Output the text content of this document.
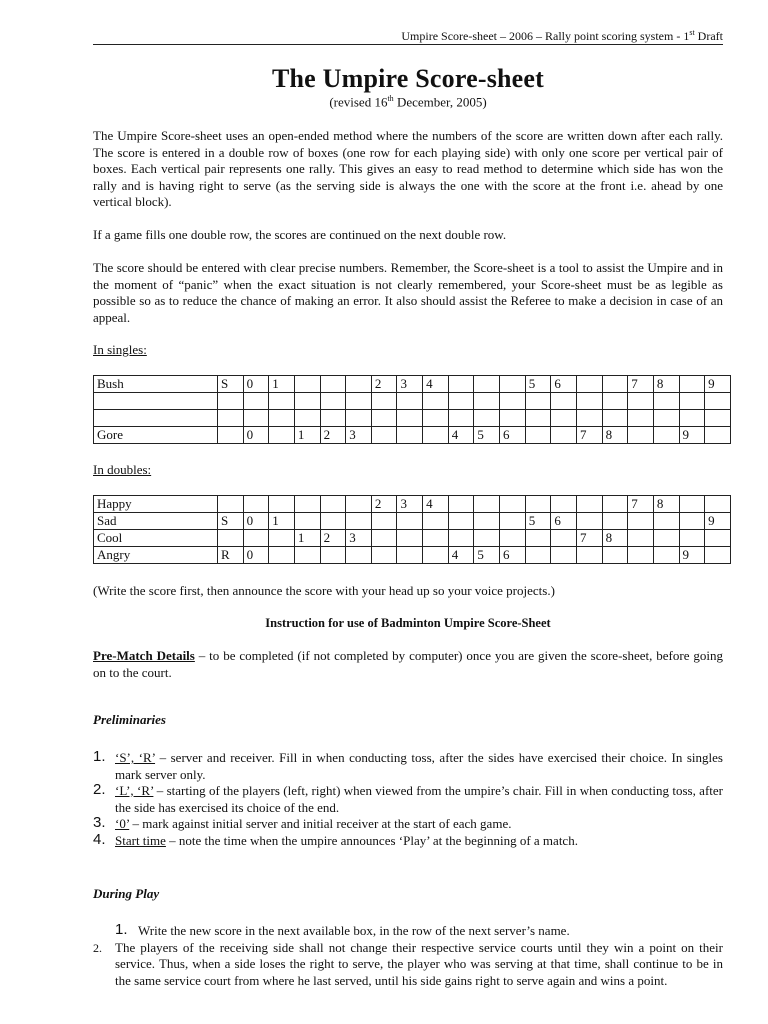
Umpire Score-sheet – 2006 – Rally point scoring system - 1st Draft
The Umpire Score-sheet
(revised 16th December, 2005)

The Umpire Score-sheet uses an open-ended method where the numbers of the score are written down after each rally. The score is entered in a double row of boxes (one row for each playing side) with only one score per vertical pair of boxes. Each vertical pair represents one rally. This gives an easy to read method to determine which side has won the rally and is having right to serve (as the serving side is always the one with the score at the front i.e. ahead by one vertical block).

If a game fills one double row, the scores are continued on the next double row.

The score should be entered with clear precise numbers. Remember, the Score-sheet is a tool to assist the Umpire and in the moment of “panic” when the exact situation is not clearly remembered, your Score-sheet must be as legible as possible so as to reduce the chance of making an error. It also should assist the Referee to make a decision in case of an appeal.

In singles:
Bush	S	0	1				2	3	4				5	6			7	8		9

Gore		0		1	2	3				4	5	6			7	8			9	
In doubles:
Happy							2	3	4								7	8		
Sad	S	0	1										5	6						9
Cool				1	2	3									7	8				
Angry	R	0								4	5	6							9	

(Write the score first, then announce the score with your head up so your voice projects.)

Instruction for use of Badminton Umpire Score-Sheet

Pre-Match Details – to be completed (if not completed by computer) once you are given the score-sheet, before going on to the court.

Preliminaries
1. ‘S’, ‘R’ – server and receiver. Fill in when conducting toss, after the sides have exercised their choice. In singles mark server only.
2. ‘L’, ‘R’ – starting of the players (left, right) when viewed from the umpire’s chair. Fill in when conducting toss, after the side has exercised its choice of the end.
3. ‘0’ – mark against initial server and initial receiver at the start of each game.
4. Start time – note the time when the umpire announces ‘Play’ at the beginning of a match.
During Play
1. Write the new score in the next available box, in the row of the next server’s name.
2. The players of the receiving side shall not change their respective service courts until they win a point on their service. Thus, when a side loses the right to serve, the player who was serving at that time, shall continue to be in the same service court from where he last served, until his side gains right to serve again and wins a point.
